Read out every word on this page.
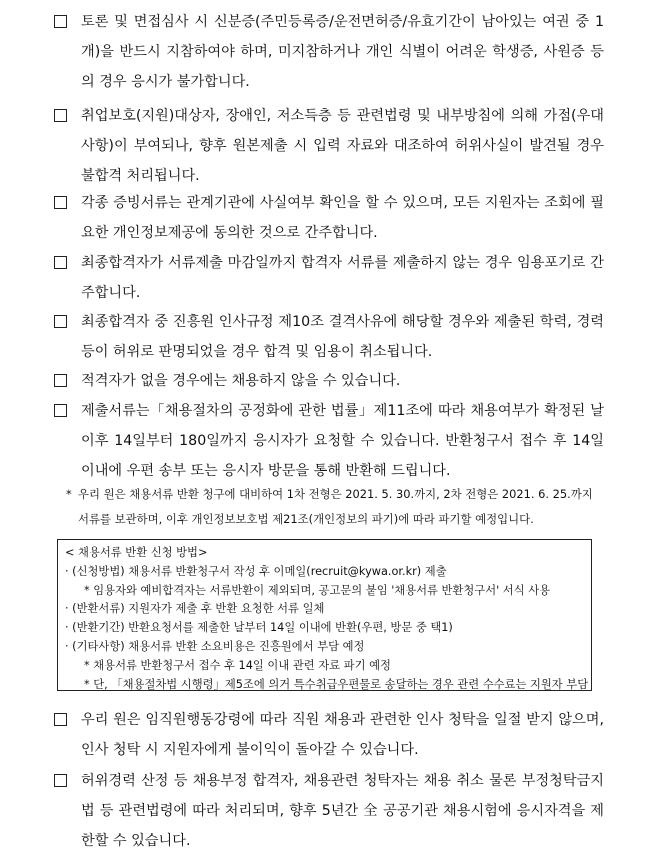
토론 및 면접심사 시 신분증(주민등록증/운전면허증/유효기간이 남아있는 여권 중 1개)을 반드시 지참하여야 하며, 미지참하거나 개인 식별이 어려운 학생증, 사원증 등의 경우 응시가 불가합니다.
취업보호(지원)대상자, 장애인, 저소득층 등 관련법령 및 내부방침에 의해 가점(우대사항)이 부여되나, 향후 원본제출 시 입력 자료와 대조하여 허위사실이 발견될 경우 불합격 처리됩니다.
각종 증빙서류는 관계기관에 사실여부 확인을 할 수 있으며, 모든 지원자는 조회에 필요한 개인정보제공에 동의한 것으로 간주합니다.
최종합격자가 서류제출 마감일까지 합격자 서류를 제출하지 않는 경우 임용포기로 간주합니다.
최종합격자 중 진흥원 인사규정 제10조 결격사유에 해당할 경우와 제출된 학력, 경력 등이 허위로 판명되었을 경우 합격 및 임용이 취소됩니다.
적격자가 없을 경우에는 채용하지 않을 수 있습니다.
제출서류는「채용절차의 공정화에 관한 법률」제11조에 따라 채용여부가 확정된 날 이후 14일부터 180일까지 응시자가 요청할 수 있습니다. 반환청구서 접수 후 14일 이내에 우편 송부 또는 응시자 방문을 통해 반환해 드립니다.
* 우리 원은 채용서류 반환 청구에 대비하여 1차 전형은 2021. 5. 30.까지, 2차 전형은 2021. 6. 25.까지 서류를 보관하며, 이후 개인정보보호법 제21조(개인정보의 파기)에 따라 파기할 예정입니다.
< 채용서류 반환 신청 방법>
· (신청방법) 채용서류 반환청구서 작성 후 이메일(recruit@kywa.or.kr) 제출
* 임용자와 예비합격자는 서류반환이 제외되며, 공고문의 붙임 '채용서류 반환청구서' 서식 사용
· (반환서류) 지원자가 제출 후 반환 요청한 서류 일체
· (반환기간) 반환요청서를 제출한 날부터 14일 이내에 반환(우편, 방문 중 택1)
· (기타사항) 채용서류 반환 소요비용은 진흥원에서 부담 예정
* 채용서류 반환청구서 접수 후 14일 이내 관련 자료 파기 예정
* 단, 「채용절차법 시행령」제5조에 의거 특수취급우편물로 송달하는 경우 관련 수수료는 지원자 부담
우리 원은 임직원행동강령에 따라 직원 채용과 관련한 인사 청탁을 일절 받지 않으며, 인사 청탁 시 지원자에게 불이익이 돌아갈 수 있습니다.
허위경력 산정 등 채용부정 합격자, 채용관련 청탁자는 채용 취소 물론 부정청탁금지법 등 관련법령에 따라 처리되며, 향후 5년간 全 공공기관 채용시험에 응시자격을 제한할 수 있습니다.
